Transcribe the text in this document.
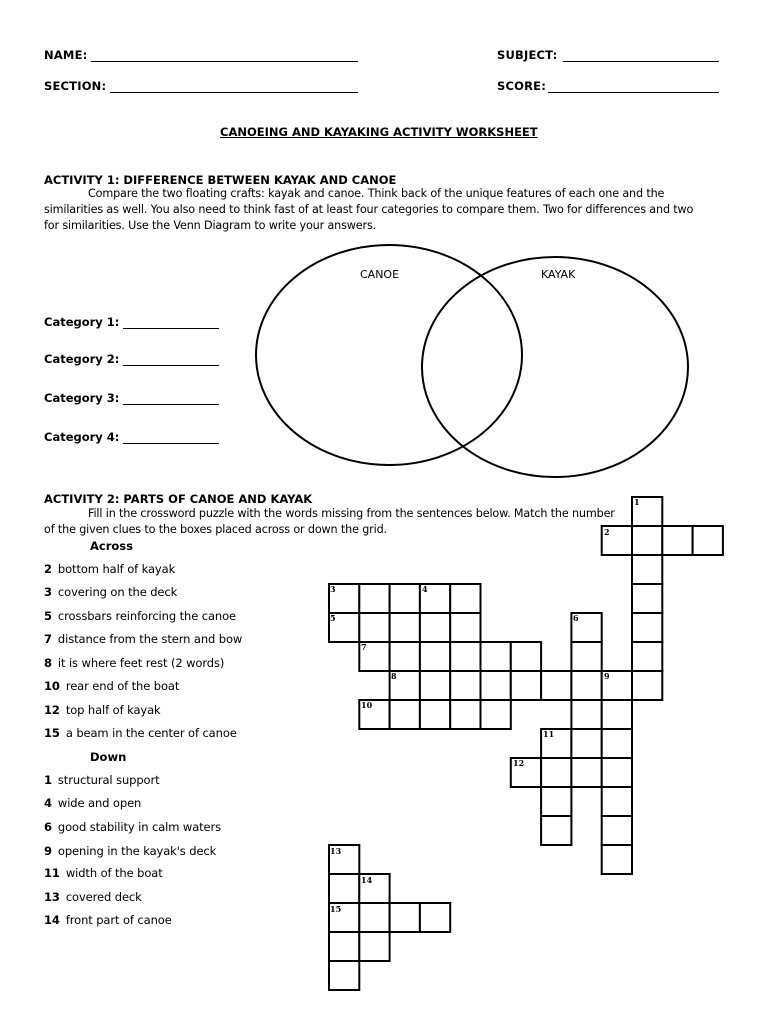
NAME:	SUBJECT:
SECTION:	SCORE:
CANOEING AND KAYAKING ACTIVITY WORKSHEET
ACTIVITY 1: DIFFERENCE BETWEEN KAYAK AND CANOE
Compare the two floating crafts: kayak and canoe. Think back of the unique features of each one and the
similarities as well. You also need to think fast of at least four categories to compare them. Two for differences and two
for similarities. Use the Venn Diagram to write your answers.
CANOE	KAYAK
Category 1:
Category 2:
Category 3:
Category 4:
ACTIVITY 2: PARTS OF CANOE AND KAYAK
Fill in the crossword puzzle with the words missing from the sentences below. Match the number
of the given clues to the boxes placed across or down the grid.
Across
2 bottom half of kayak
3 covering on the deck
5 crossbars reinforcing the canoe
7 distance from the stern and bow
8 it is where feet rest (2 words)
10 rear end of the boat
12 top half of kayak
15 a beam in the center of canoe
Down
1 structural support
4 wide and open
6 good stability in calm waters
9 opening in the kayak's deck
11 width of the boat
13 covered deck
14 front part of canoe
1
2
3	4
5	6
7
8	9
10
11
12
13
14
15
